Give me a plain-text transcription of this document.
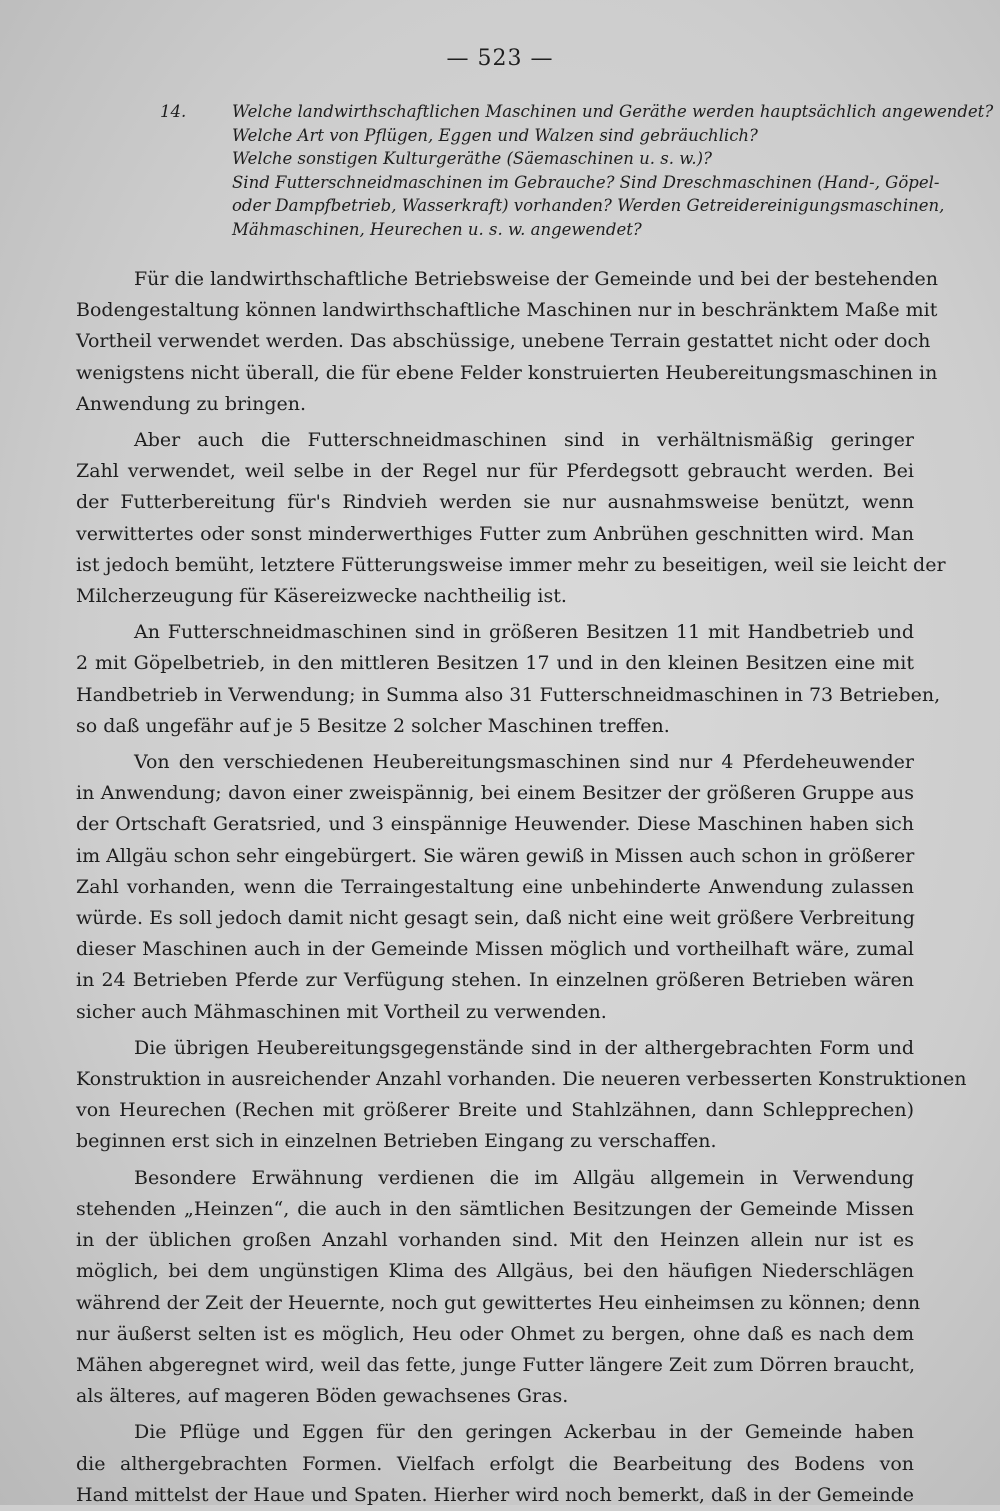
— 523 —
14.	Welche landwirthschaftlichen Maschinen und Geräthe werden hauptsächlich angewendet?
Welche Art von Pflügen, Eggen und Walzen sind gebräuchlich?
Welche sonstigen Kulturgeräthe (Säemaschinen u. s. w.)?
Sind Futterschneidmaschinen im Gebrauche? Sind Dreschmaschinen (Hand-, Göpel-
oder Dampfbetrieb, Wasserkraft) vorhanden? Werden Getreidereinigungsmaschinen,
Mähmaschinen, Heurechen u. s. w. angewendet?

Für die landwirthschaftliche Betriebsweise der Gemeinde und bei der bestehenden
Bodengestaltung können landwirthschaftliche Maschinen nur in beschränktem Maße mit
Vortheil verwendet werden. Das abschüssige, unebene Terrain gestattet nicht oder doch
wenigstens nicht überall, die für ebene Felder konstruierten Heubereitungsmaschinen in
Anwendung zu bringen.

Aber auch die Futterschneidmaschinen sind in verhältnismäßig geringer
Zahl verwendet, weil selbe in der Regel nur für Pferdegsott gebraucht werden. Bei
der Futterbereitung für's Rindvieh werden sie nur ausnahmsweise benützt, wenn
verwittertes oder sonst minderwerthiges Futter zum Anbrühen geschnitten wird. Man
ist jedoch bemüht, letztere Fütterungsweise immer mehr zu beseitigen, weil sie leicht der
Milcherzeugung für Käsereizwecke nachtheilig ist.

An Futterschneidmaschinen sind in größeren Besitzen 11 mit Handbetrieb und
2 mit Göpelbetrieb, in den mittleren Besitzen 17 und in den kleinen Besitzen eine mit
Handbetrieb in Verwendung; in Summa also 31 Futterschneidmaschinen in 73 Betrieben,
so daß ungefähr auf je 5 Besitze 2 solcher Maschinen treffen.

Von den verschiedenen Heubereitungsmaschinen sind nur 4 Pferdeheuwender
in Anwendung; davon einer zweispännig, bei einem Besitzer der größeren Gruppe aus
der Ortschaft Geratsried, und 3 einspännige Heuwender. Diese Maschinen haben sich
im Allgäu schon sehr eingebürgert. Sie wären gewiß in Missen auch schon in größerer
Zahl vorhanden, wenn die Terraingestaltung eine unbehinderte Anwendung zulassen
würde. Es soll jedoch damit nicht gesagt sein, daß nicht eine weit größere Verbreitung
dieser Maschinen auch in der Gemeinde Missen möglich und vortheilhaft wäre, zumal
in 24 Betrieben Pferde zur Verfügung stehen. In einzelnen größeren Betrieben wären
sicher auch Mähmaschinen mit Vortheil zu verwenden.

Die übrigen Heubereitungsgegenstände sind in der althergebrachten Form und
Konstruktion in ausreichender Anzahl vorhanden. Die neueren verbesserten Konstruktionen
von Heurechen (Rechen mit größerer Breite und Stahlzähnen, dann Schlepprechen)
beginnen erst sich in einzelnen Betrieben Eingang zu verschaffen.

Besondere Erwähnung verdienen die im Allgäu allgemein in Verwendung
stehenden „Heinzen“, die auch in den sämtlichen Besitzungen der Gemeinde Missen
in der üblichen großen Anzahl vorhanden sind. Mit den Heinzen allein nur ist es
möglich, bei dem ungünstigen Klima des Allgäus, bei den häufigen Niederschlägen
während der Zeit der Heuernte, noch gut gewittertes Heu einheimsen zu können; denn
nur äußerst selten ist es möglich, Heu oder Ohmet zu bergen, ohne daß es nach dem
Mähen abgeregnet wird, weil das fette, junge Futter längere Zeit zum Dörren braucht,
als älteres, auf mageren Böden gewachsenes Gras.

Die Pflüge und Eggen für den geringen Ackerbau in der Gemeinde haben
die althergebrachten Formen. Vielfach erfolgt die Bearbeitung des Bodens von
Hand mittelst der Haue und Spaten. Hierher wird noch bemerkt, daß in der Gemeinde
